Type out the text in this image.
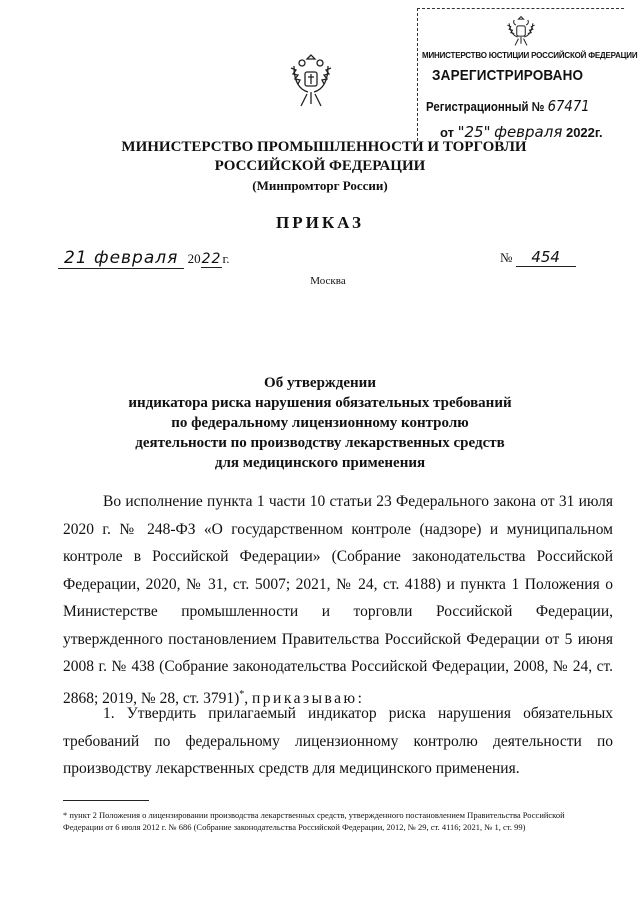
МИНИСТЕРСТВО ЮСТИЦИИ РОССИЙСКОЙ ФЕДЕРАЦИИ
ЗАРЕГИСТРИРОВАНО
Регистрационный № 67471
от "25" февраля 2022г.
МИНИСТЕРСТВО ПРОМЫШЛЕННОСТИ И ТОРГОВЛИ
РОССИЙСКОЙ ФЕДЕРАЦИИ
(Минпромторг России)
ПРИКАЗ
21 февраля 2022г.	№ 454
Москва
Об утверждении
индикатора риска нарушения обязательных требований
по федеральному лицензионному контролю
деятельности по производству лекарственных средств
для медицинского применения
Во исполнение пункта 1 части 10 статьи 23 Федерального закона от 31 июля 2020 г. № 248-ФЗ «О государственном контроле (надзоре) и муниципальном контроле в Российской Федерации» (Собрание законодательства Российской Федерации, 2020, № 31, ст. 5007; 2021, № 24, ст. 4188) и пункта 1 Положения о Министерстве промышленности и торговли Российской Федерации, утвержденного постановлением Правительства Российской Федерации от 5 июня 2008 г. № 438 (Собрание законодательства Российской Федерации, 2008, № 24, ст. 2868; 2019, № 28, ст. 3791)*, приказываю:
1. Утвердить прилагаемый индикатор риска нарушения обязательных требований по федеральному лицензионному контролю деятельности по производству лекарственных средств для медицинского применения.
* пункт 2 Положения о лицензировании производства лекарственных средств, утвержденного постановлением Правительства Российской Федерации от 6 июля 2012 г. № 686 (Собрание законодательства Российской Федерации, 2012, № 29, ст. 4116; 2021, № 1, ст. 99)
